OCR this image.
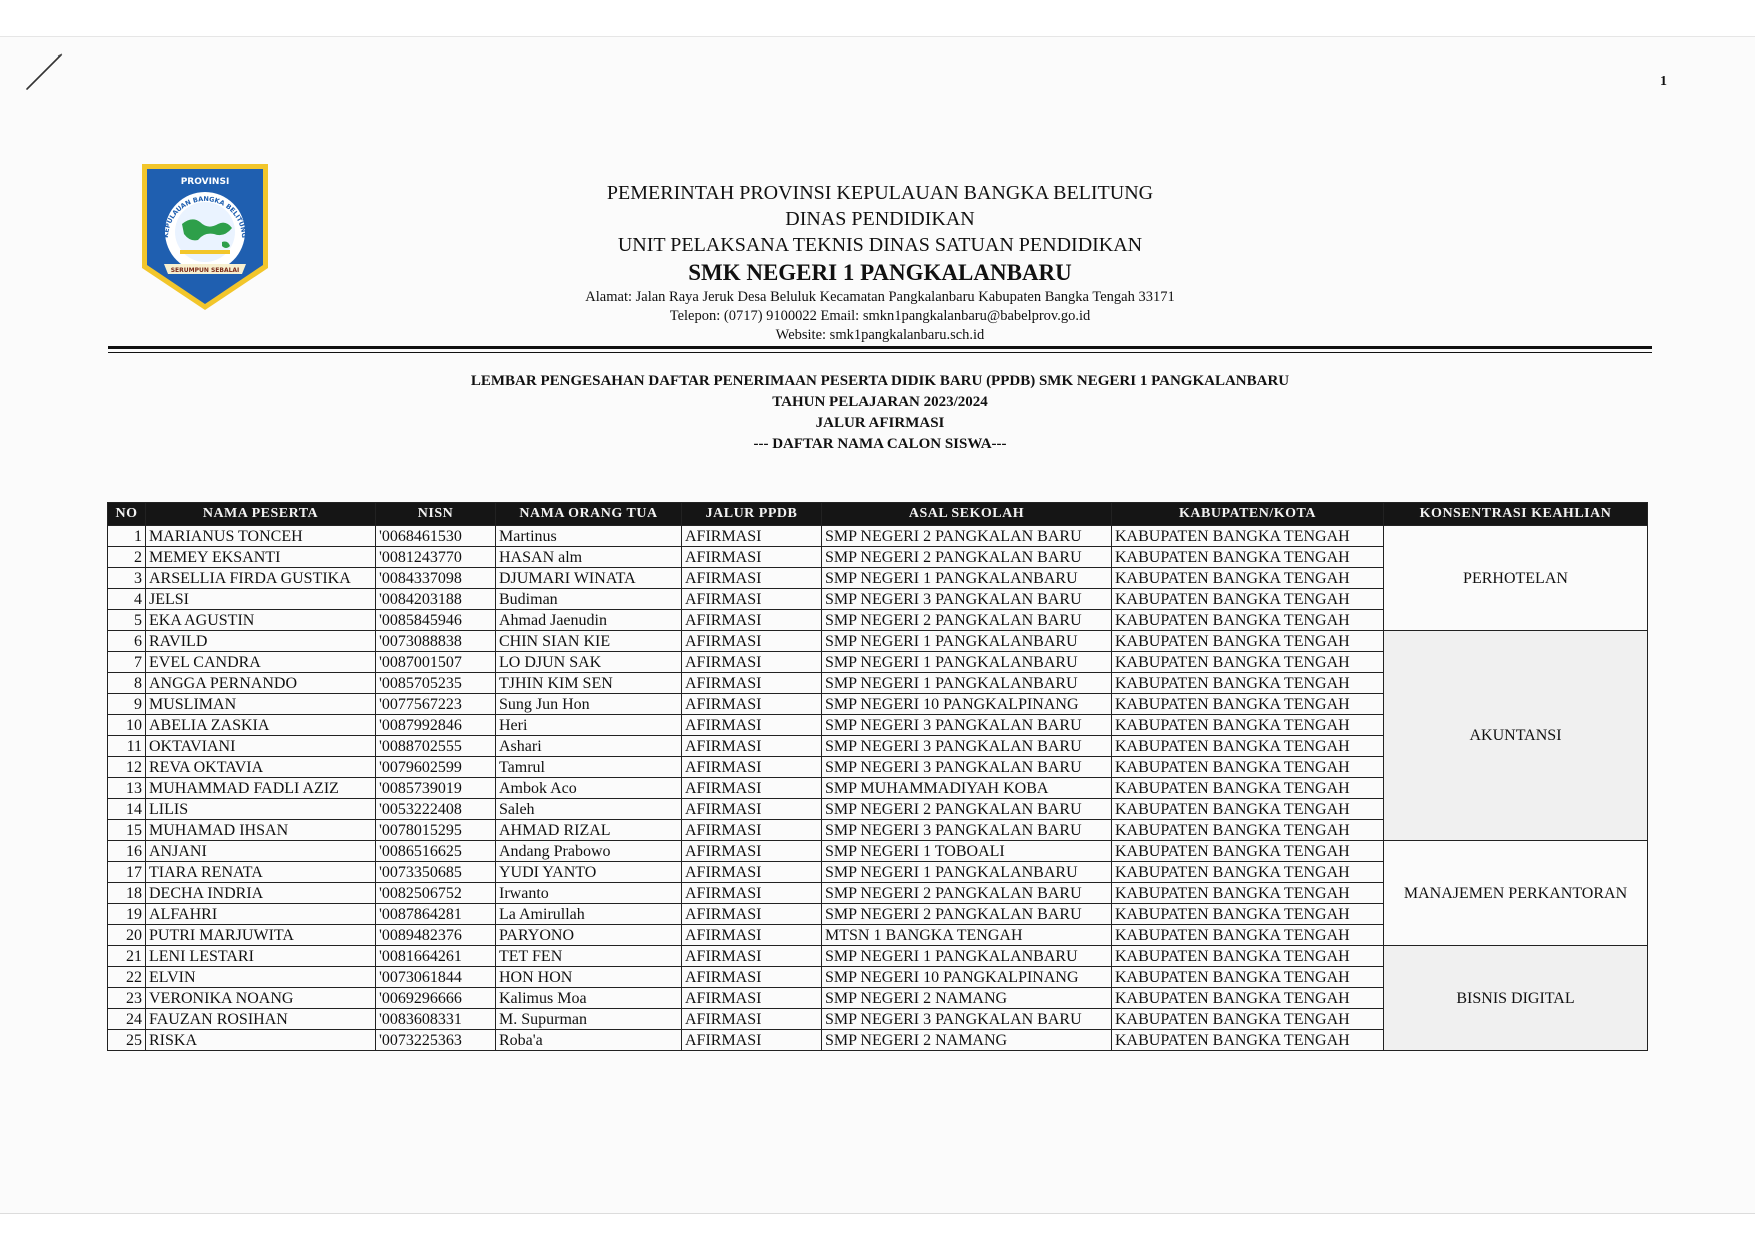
1
PROVINSI
KEPULAUAN BANGKA BELITUNG
SERUMPUN SEBALAI
PEMERINTAH PROVINSI KEPULAUAN BANGKA BELITUNG
DINAS PENDIDIKAN
UNIT PELAKSANA TEKNIS DINAS SATUAN PENDIDIKAN
SMK NEGERI 1 PANGKALANBARU
Alamat: Jalan Raya Jeruk Desa Beluluk Kecamatan Pangkalanbaru Kabupaten Bangka Tengah 33171
Telepon: (0717) 9100022 Email: smkn1pangkalanbaru@babelprov.go.id
Website: smk1pangkalanbaru.sch.id
LEMBAR PENGESAHAN DAFTAR PENERIMAAN PESERTA DIDIK BARU (PPDB) SMK NEGERI 1 PANGKALANBARU
TAHUN PELAJARAN 2023/2024
JALUR AFIRMASI
--- DAFTAR NAMA CALON SISWA---
NO	NAMA PESERTA	NISN	NAMA ORANG TUA	JALUR PPDB	ASAL SEKOLAH	KABUPATEN/KOTA	KONSENTRASI KEAHLIAN
1	MARIANUS TONCEH	'0068461530	Martinus	AFIRMASI	SMP NEGERI 2 PANGKALAN BARU	KABUPATEN BANGKA TENGAH	PERHOTELAN
2	MEMEY EKSANTI	'0081243770	HASAN alm	AFIRMASI	SMP NEGERI 2 PANGKALAN BARU	KABUPATEN BANGKA TENGAH	
3	ARSELLIA FIRDA GUSTIKA	'0084337098	DJUMARI WINATA	AFIRMASI	SMP NEGERI 1 PANGKALANBARU	KABUPATEN BANGKA TENGAH	
4	JELSI	'0084203188	Budiman	AFIRMASI	SMP NEGERI 3 PANGKALAN BARU	KABUPATEN BANGKA TENGAH	
5	EKA AGUSTIN	'0085845946	Ahmad Jaenudin	AFIRMASI	SMP NEGERI 2 PANGKALAN BARU	KABUPATEN BANGKA TENGAH	
6	RAVILD	'0073088838	CHIN SIAN KIE	AFIRMASI	SMP NEGERI 1 PANGKALANBARU	KABUPATEN BANGKA TENGAH	AKUNTANSI
7	EVEL CANDRA	'0087001507	LO DJUN SAK	AFIRMASI	SMP NEGERI 1 PANGKALANBARU	KABUPATEN BANGKA TENGAH	
8	ANGGA PERNANDO	'0085705235	TJHIN KIM SEN	AFIRMASI	SMP NEGERI 1 PANGKALANBARU	KABUPATEN BANGKA TENGAH	
9	MUSLIMAN	'0077567223	Sung Jun Hon	AFIRMASI	SMP NEGERI 10 PANGKALPINANG	KABUPATEN BANGKA TENGAH	
10	ABELIA ZASKIA	'0087992846	Heri	AFIRMASI	SMP NEGERI 3 PANGKALAN BARU	KABUPATEN BANGKA TENGAH	
11	OKTAVIANI	'0088702555	Ashari	AFIRMASI	SMP NEGERI 3 PANGKALAN BARU	KABUPATEN BANGKA TENGAH	
12	REVA OKTAVIA	'0079602599	Tamrul	AFIRMASI	SMP NEGERI 3 PANGKALAN BARU	KABUPATEN BANGKA TENGAH	
13	MUHAMMAD FADLI AZIZ	'0085739019	Ambok Aco	AFIRMASI	SMP MUHAMMADIYAH KOBA	KABUPATEN BANGKA TENGAH	
14	LILIS	'0053222408	Saleh	AFIRMASI	SMP NEGERI 2 PANGKALAN BARU	KABUPATEN BANGKA TENGAH	
15	MUHAMAD IHSAN	'0078015295	AHMAD RIZAL	AFIRMASI	SMP NEGERI 3 PANGKALAN BARU	KABUPATEN BANGKA TENGAH	
16	ANJANI	'0086516625	Andang Prabowo	AFIRMASI	SMP NEGERI 1 TOBOALI	KABUPATEN BANGKA TENGAH	MANAJEMEN PERKANTORAN
17	TIARA RENATA	'0073350685	YUDI YANTO	AFIRMASI	SMP NEGERI 1 PANGKALANBARU	KABUPATEN BANGKA TENGAH	
18	DECHA INDRIA	'0082506752	Irwanto	AFIRMASI	SMP NEGERI 2 PANGKALAN BARU	KABUPATEN BANGKA TENGAH	
19	ALFAHRI	'0087864281	La Amirullah	AFIRMASI	SMP NEGERI 2 PANGKALAN BARU	KABUPATEN BANGKA TENGAH	
20	PUTRI MARJUWITA	'0089482376	PARYONO	AFIRMASI	MTSN 1 BANGKA TENGAH	KABUPATEN BANGKA TENGAH	
21	LENI LESTARI	'0081664261	TET FEN	AFIRMASI	SMP NEGERI 1 PANGKALANBARU	KABUPATEN BANGKA TENGAH	BISNIS DIGITAL
22	ELVIN	'0073061844	HON HON	AFIRMASI	SMP NEGERI 10 PANGKALPINANG	KABUPATEN BANGKA TENGAH	
23	VERONIKA NOANG	'0069296666	Kalimus Moa	AFIRMASI	SMP NEGERI 2 NAMANG	KABUPATEN BANGKA TENGAH	
24	FAUZAN ROSIHAN	'0083608331	M. Supurman	AFIRMASI	SMP NEGERI 3 PANGKALAN BARU	KABUPATEN BANGKA TENGAH	
25	RISKA	'0073225363	Roba'a	AFIRMASI	SMP NEGERI 2 NAMANG	KABUPATEN BANGKA TENGAH	
